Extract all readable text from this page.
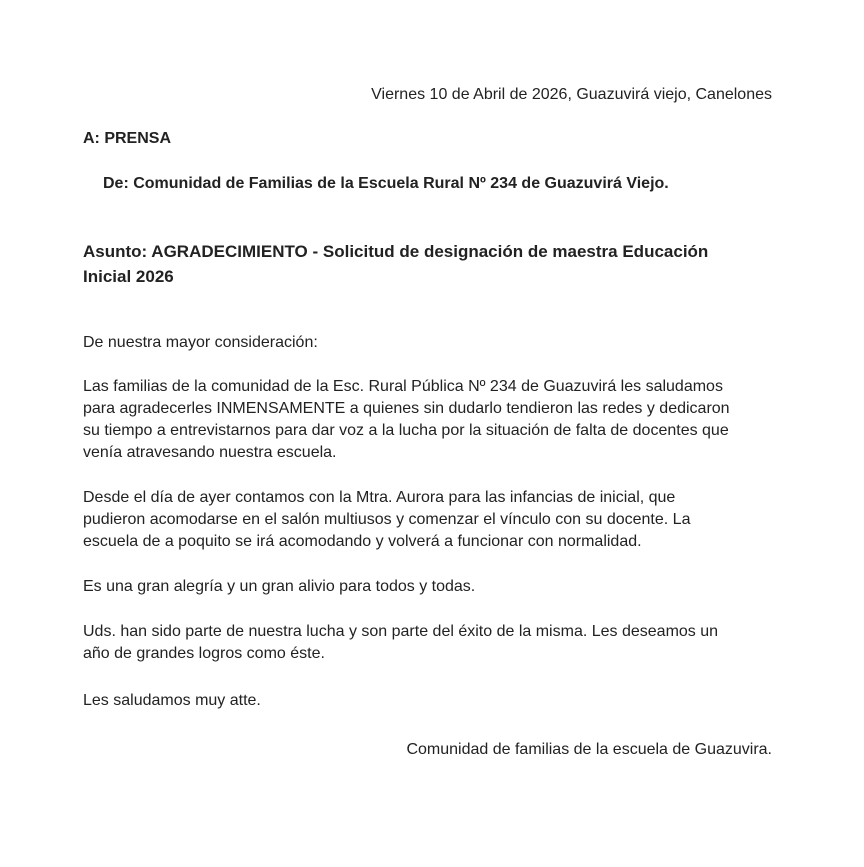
Viernes 10 de Abril de 2026, Guazuvirá viejo, Canelones
A: PRENSA
De: Comunidad de Familias de la Escuela Rural Nº 234 de Guazuvirá Viejo.
Asunto: AGRADECIMIENTO - Solicitud de designación de maestra Educación
Inicial 2026
De nuestra mayor consideración:
Las familias de la comunidad de la Esc. Rural Pública Nº 234 de Guazuvirá les saludamos
para agradecerles INMENSAMENTE a quienes sin dudarlo tendieron las redes y dedicaron
su tiempo a entrevistarnos para dar voz a la lucha por la situación de falta de docentes que
venía atravesando nuestra escuela.
Desde el día de ayer contamos con la Mtra. Aurora para las infancias de inicial, que
pudieron acomodarse en el salón multiusos y comenzar el vínculo con su docente. La
escuela de a poquito se irá acomodando y volverá a funcionar con normalidad.
Es una gran alegría y un gran alivio para todos y todas.
Uds. han sido parte de nuestra lucha y son parte del éxito de la misma. Les deseamos un
año de grandes logros como éste.
Les saludamos muy atte.
Comunidad de familias de la escuela de Guazuvira.
